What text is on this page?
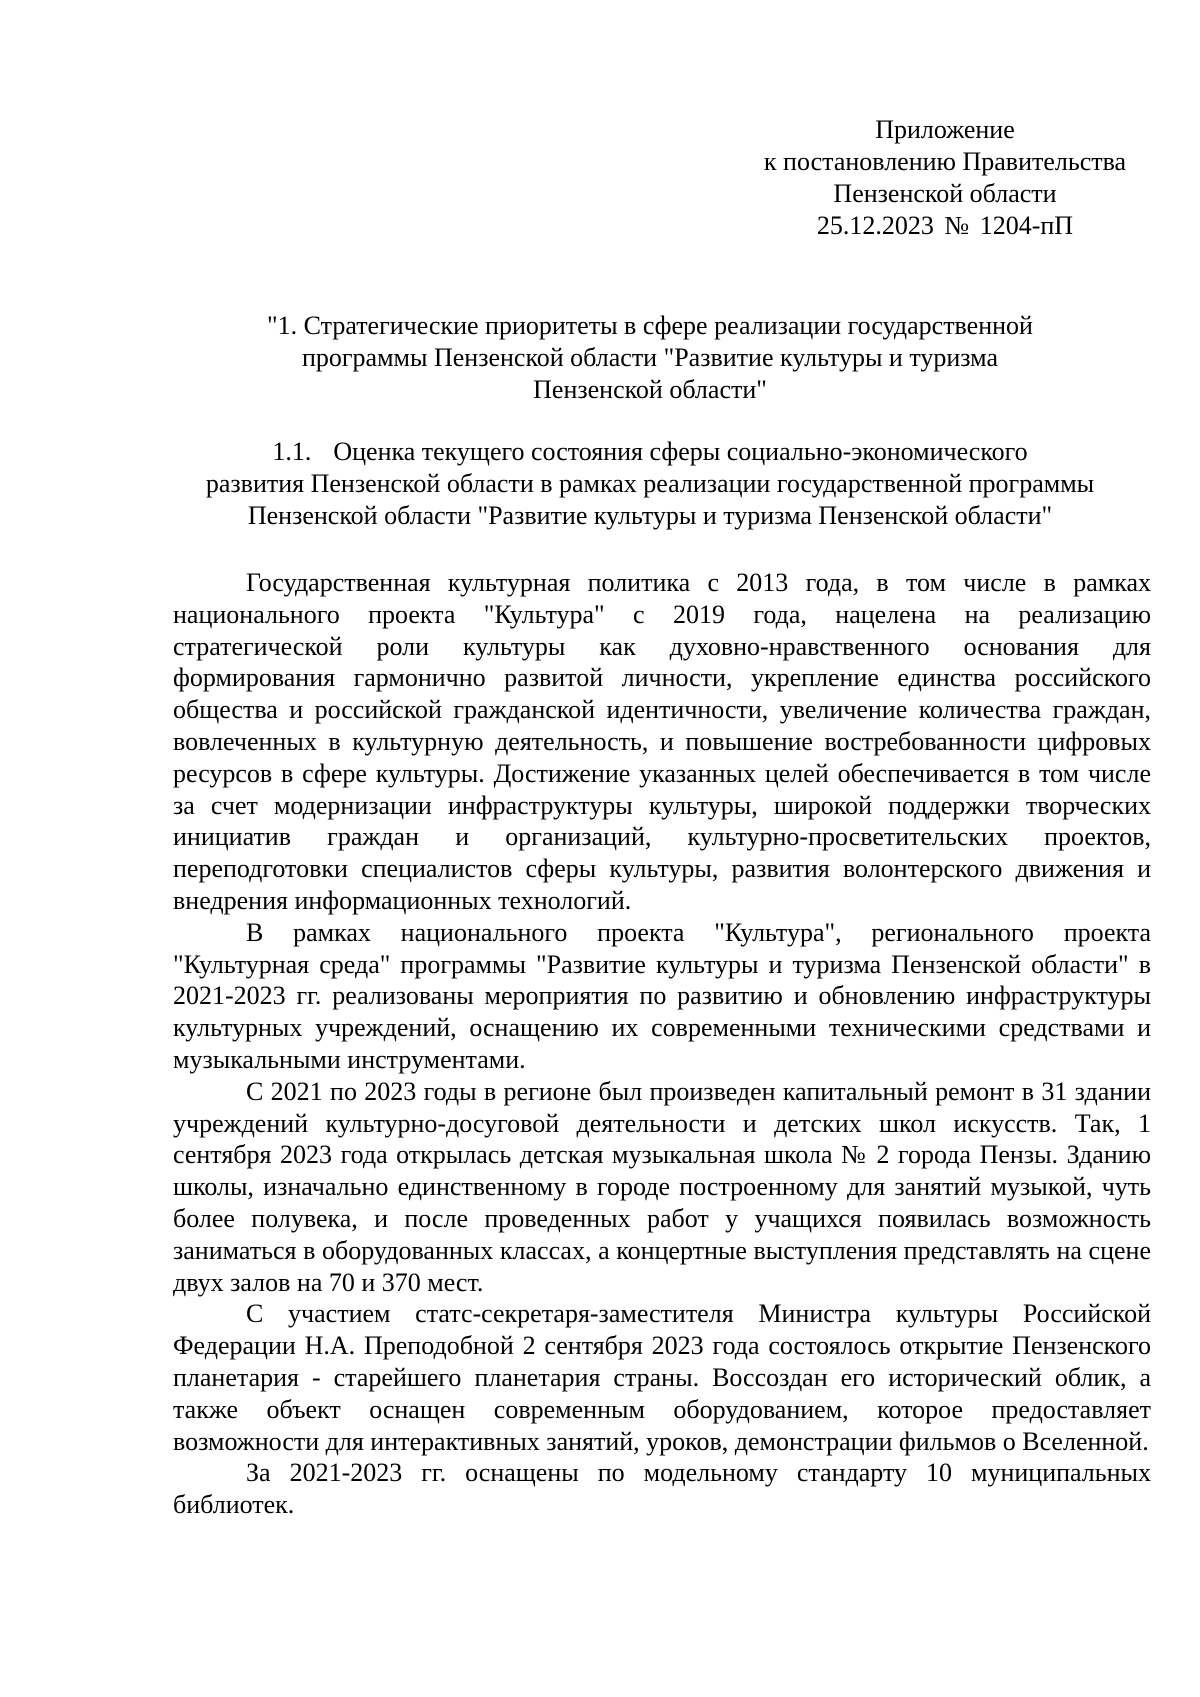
Приложение
к постановлению Правительства
Пензенской области
25.12.2023 № 1204-пП
"1. Стратегические приоритеты в сфере реализации государственной
программы Пензенской области "Развитие культуры и туризма
Пензенской области"
1.1. Оценка текущего состояния сферы социально-экономического
развития Пензенской области в рамках реализации государственной программы
Пензенской области "Развитие культуры и туризма Пензенской области"

Государственная культурная политика с 2013 года, в том числе в рамках национального проекта "Культура" с 2019 года, нацелена на реализацию стратегической роли культуры как духовно-нравственного основания для формирования гармонично развитой личности, укрепление единства российского общества и российской гражданской идентичности, увеличение количества граждан, вовлеченных в культурную деятельность, и повышение востребованности цифровых ресурсов в сфере культуры. Достижение указанных целей обеспечивается в том числе за счет модернизации инфраструктуры культуры, широкой поддержки творческих инициатив граждан и организаций, культурно-просветительских проектов, переподготовки специалистов сферы культуры, развития волонтерского движения и внедрения информационных технологий.

В рамках национального проекта "Культура", регионального проекта "Культурная среда" программы "Развитие культуры и туризма Пензенской области" в 2021-2023 гг. реализованы мероприятия по развитию и обновлению инфраструктуры культурных учреждений, оснащению их современными техническими средствами и музыкальными инструментами.

С 2021 по 2023 годы в регионе был произведен капитальный ремонт в 31 здании учреждений культурно-досуговой деятельности и детских школ искусств. Так, 1 сентября 2023 года открылась детская музыкальная школа № 2 города Пензы. Зданию школы, изначально единственному в городе построенному для занятий музыкой, чуть более полувека, и после проведенных работ у учащихся появилась возможность заниматься в оборудованных классах, а концертные выступления представлять на сцене двух залов на 70 и 370 мест.

С участием статс-секретаря-заместителя Министра культуры Российской Федерации Н.А. Преподобной 2 сентября 2023 года состоялось открытие Пензенского планетария - старейшего планетария страны. Воссоздан его исторический облик, а также объект оснащен современным оборудованием, которое предоставляет возможности для интерактивных занятий, уроков, демонстрации фильмов о Вселенной.

За 2021-2023 гг. оснащены по модельному стандарту 10 муниципальных библиотек.
